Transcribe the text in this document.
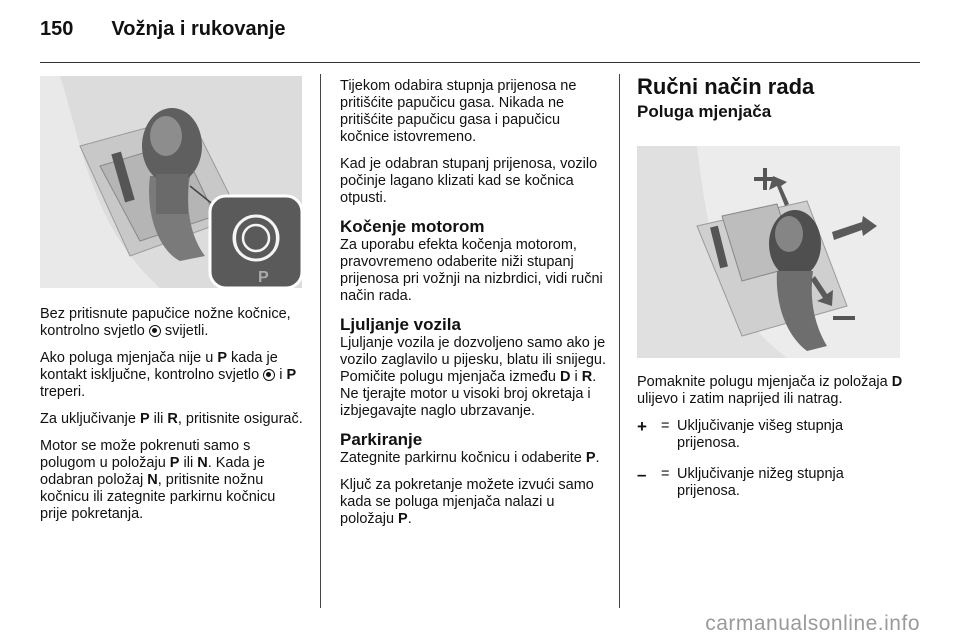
150 Vožnja i rukovanje
P

Bez pritisnute papučice nožne kočnice, kontrolno svjetlo  svijetli.

Ako poluga mjenjača nije u P kada je kontakt isključne, kontrolno svjetlo  i P treperi.

Za uključivanje P ili R, pritisnite osigurač.

Motor se može pokrenuti samo s polugom u položaju P ili N. Kada je odabran položaj N, pritisnite nožnu kočnicu ili zategnite parkirnu kočnicu prije pokretanja.

Tijekom odabira stupnja prijenosa ne pritišćite papučicu gasa. Nikada ne pritišćite papučicu gasa i papučicu kočnice istovremeno.

Kad je odabran stupanj prijenosa, vozilo počinje lagano klizati kad se kočnica otpusti.

Kočenje motorom

Za uporabu efekta kočenja motorom, pravovremeno odaberite niži stupanj prijenosa pri vožnji na nizbrdici, vidi ručni način rada.

Ljuljanje vozila

Ljuljanje vozila je dozvoljeno samo ako je vozilo zaglavilo u pijesku, blatu ili snijegu. Pomičite polugu mjenjača između D i R. Ne tjerajte motor u visoki broj okretaja i izbjegavajte naglo ubrzavanje.

Parkiranje

Zategnite parkirnu kočnicu i odaberite P.

Ključ za pokretanje možete izvući samo kada se poluga mjenjača nalazi u položaju P.

Ručni način rada
Poluga mjenjača

Pomaknite polugu mjenjača iz položaja D ulijevo i zatim naprijed ili natrag.

+ = Uključivanje višeg stupnja prijenosa.
–	= Uključivanje nižeg stupnja prijenosa.
carmanualsonline.info
